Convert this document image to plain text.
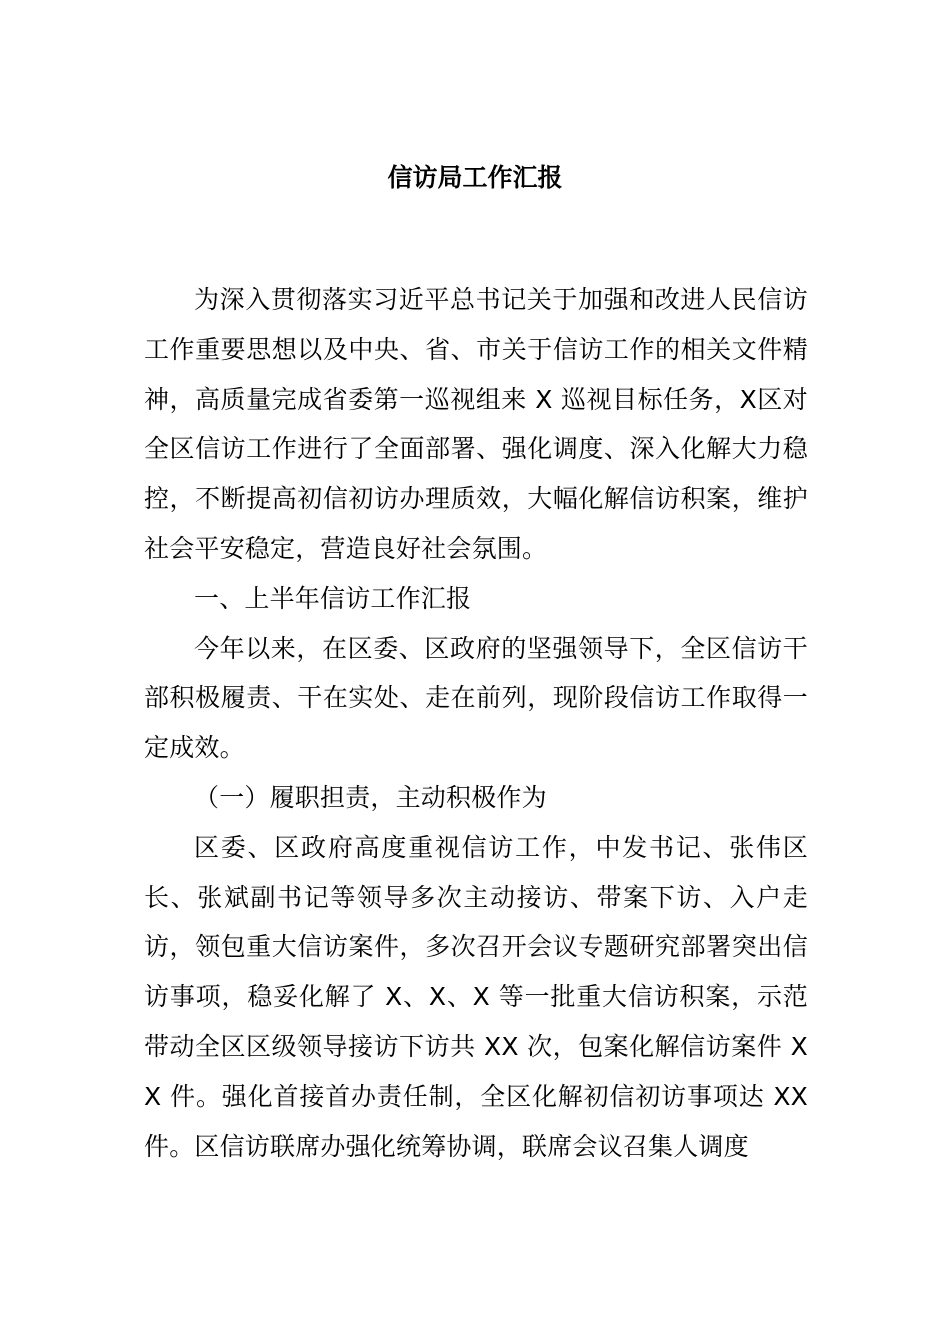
信访局工作汇报

为深入贯彻落实习近平总书记关于加强和改进人民信访工作重要思想以及中央、省、市关于信访工作的相关文件精神，高质量完成省委第一巡视组来 X 巡视目标任务，X区对全区信访工作进行了全面部署、强化调度、深入化解大力稳控，不断提高初信初访办理质效，大幅化解信访积案，维护社会平安稳定，营造良好社会氛围。

一、上半年信访工作汇报

今年以来，在区委、区政府的坚强领导下，全区信访干部积极履责、干在实处、走在前列，现阶段信访工作取得一定成效。

（一）履职担责，主动积极作为

区委、区政府高度重视信访工作，中发书记、张伟区长、张斌副书记等领导多次主动接访、带案下访、入户走访，领包重大信访案件，多次召开会议专题研究部署突出信访事项，稳妥化解了 X、X、X 等一批重大信访积案，示范带动全区区级领导接访下访共 XX 次，包案化解信访案件 XX 件。强化首接首办责任制，全区化解初信初访事项达 XX 件。区信访联席办强化统筹协调，联席会议召集人调度
